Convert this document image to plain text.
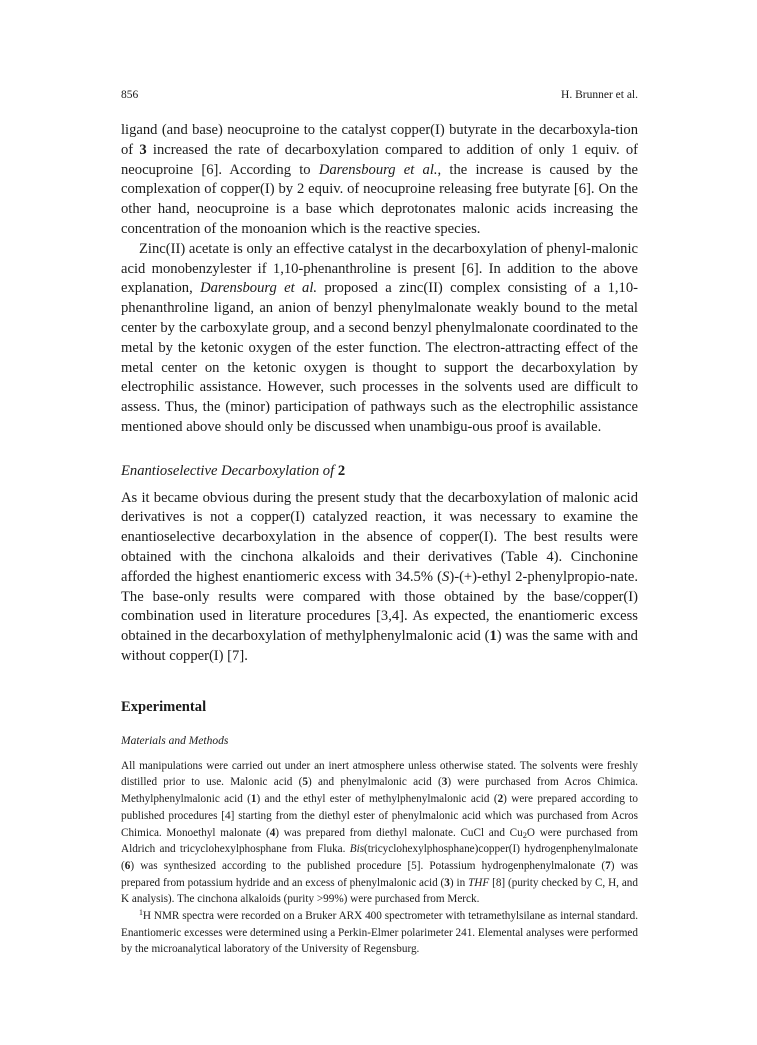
856	H. Brunner et al.

ligand (and base) neocuproine to the catalyst copper(I) butyrate in the decarboxyla-tion of 3 increased the rate of decarboxylation compared to addition of only 1 equiv. of neocuproine [6]. According to Darensbourg et al., the increase is caused by the complexation of copper(I) by 2 equiv. of neocuproine releasing free butyrate [6]. On the other hand, neocuproine is a base which deprotonates malonic acids increasing the concentration of the monoanion which is the reactive species.

Zinc(II) acetate is only an effective catalyst in the decarboxylation of phenyl-malonic acid monobenzylester if 1,10-phenanthroline is present [6]. In addition to the above explanation, Darensbourg et al. proposed a zinc(II) complex consisting of a 1,10-phenanthroline ligand, an anion of benzyl phenylmalonate weakly bound to the metal center by the carboxylate group, and a second benzyl phenylmalonate coordinated to the metal by the ketonic oxygen of the ester function. The electron-attracting effect of the metal center on the ketonic oxygen is thought to support the decarboxylation by electrophilic assistance. However, such processes in the solvents used are difficult to assess. Thus, the (minor) participation of pathways such as the electrophilic assistance mentioned above should only be discussed when unambigu-ous proof is available.

Enantioselective Decarboxylation of 2

As it became obvious during the present study that the decarboxylation of malonic acid derivatives is not a copper(I) catalyzed reaction, it was necessary to examine the enantioselective decarboxylation in the absence of copper(I). The best results were obtained with the cinchona alkaloids and their derivatives (Table 4). Cinchonine afforded the highest enantiomeric excess with 34.5% (S)-(+)-ethyl 2-phenylpropio-nate. The base-only results were compared with those obtained by the base/copper(I) combination used in literature procedures [3,4]. As expected, the enantiomeric excess obtained in the decarboxylation of methylphenylmalonic acid (1) was the same with and without copper(I) [7].

Experimental
Materials and Methods

All manipulations were carried out under an inert atmosphere unless otherwise stated. The solvents were freshly distilled prior to use. Malonic acid (5) and phenylmalonic acid (3) were purchased from Acros Chimica. Methylphenylmalonic acid (1) and the ethyl ester of methylphenylmalonic acid (2) were prepared according to published procedures [4] starting from the diethyl ester of phenylmalonic acid which was purchased from Acros Chimica. Monoethyl malonate (4) was prepared from diethyl malonate. CuCl and $Cu_2O$ were purchased from Aldrich and tricyclohexylphosphane from Fluka. Bis(tricyclohexylphosphane)copper(I) hydrogenphenylmalonate (6) was synthesized according to the published procedure [5]. Potassium hydrogenphenylmalonate (7) was prepared from potassium hydride and an excess of phenylmalonic acid (3) in THF [8] (purity checked by C, H, and K analysis). The cinchona alkaloids (purity >99%) were purchased from Merck.

$^1$H NMR spectra were recorded on a Bruker ARX 400 spectrometer with tetramethylsilane as internal standard. Enantiomeric excesses were determined using a Perkin-Elmer polarimeter 241. Elemental analyses were performed by the microanalytical laboratory of the University of Regensburg.
